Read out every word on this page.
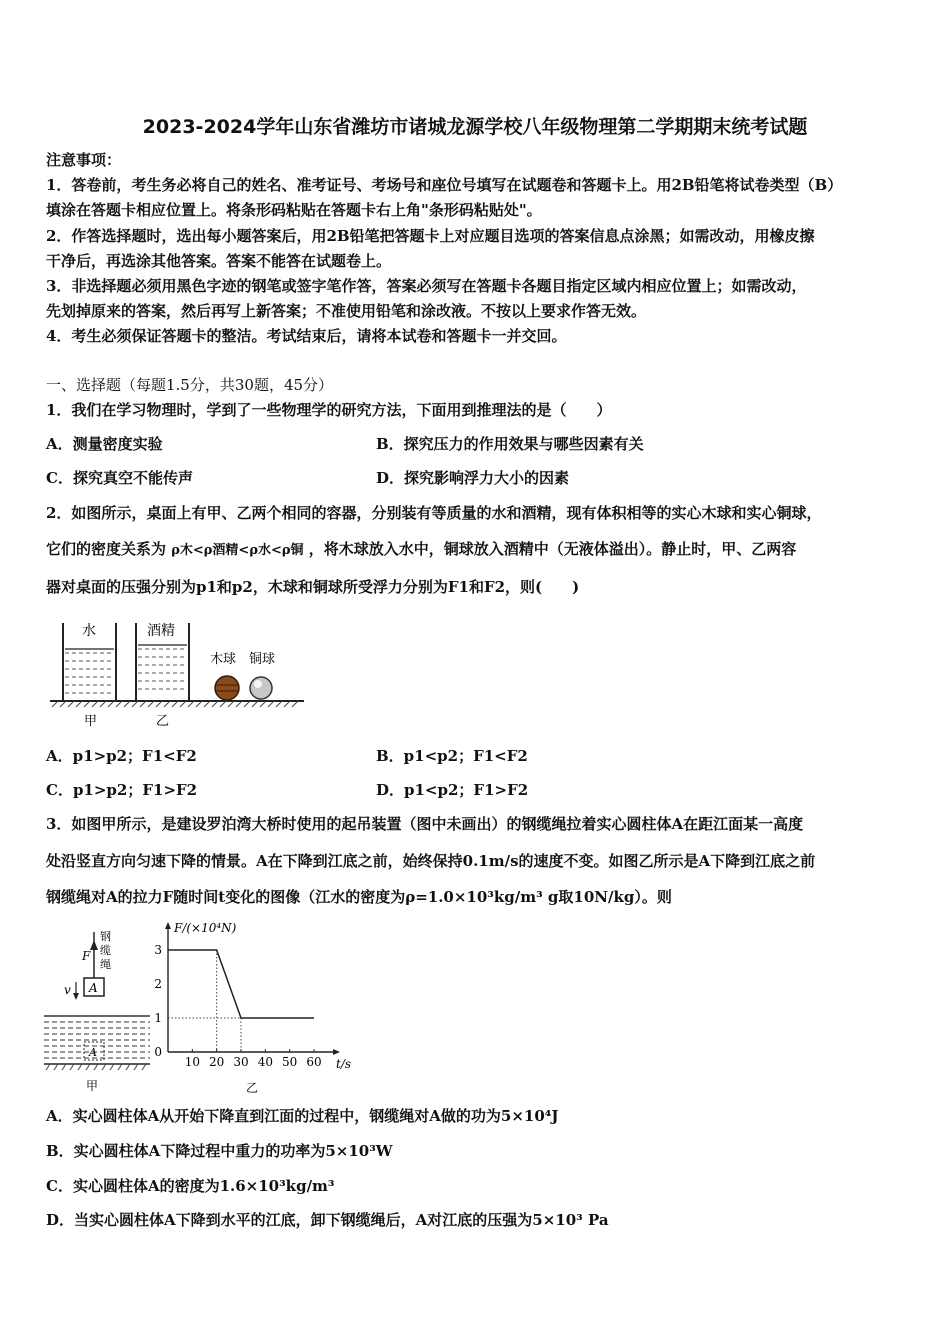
2023-2024学年山东省潍坊市诸城龙源学校八年级物理第二学期期末统考试题
注意事项：
1．答卷前，考生务必将自己的姓名、准考证号、考场号和座位号填写在试题卷和答题卡上。用2B铅笔将试卷类型（B）
填涂在答题卡相应位置上。将条形码粘贴在答题卡右上角"条形码粘贴处"。
2．作答选择题时，选出每小题答案后，用2B铅笔把答题卡上对应题目选项的答案信息点涂黑；如需改动，用橡皮擦
干净后，再选涂其他答案。答案不能答在试题卷上。
3．非选择题必须用黑色字迹的钢笔或签字笔作答，答案必须写在答题卡各题目指定区域内相应位置上；如需改动，
先划掉原来的答案，然后再写上新答案；不准使用铅笔和涂改液。不按以上要求作答无效。
4．考生必须保证答题卡的整洁。考试结束后，请将本试卷和答题卡一并交回。
一、选择题（每题1.5分，共30题，45分）
1．我们在学习物理时，学到了一些物理学的研究方法，下面用到推理法的是（　　）
A．测量密度实验	B．探究压力的作用效果与哪些因素有关
C．探究真空不能传声	D．探究影响浮力大小的因素
2．如图所示，桌面上有甲、乙两个相同的容器，分别装有等质量的水和酒精，现有体积相等的实心木球和实心铜球，
它们的密度关系为 ρ木<ρ酒精<ρ水<ρ铜 ，将木球放入水中，铜球放入酒精中（无液体溢出）。静止时，甲、乙两容
器对桌面的压强分别为p1和p2，木球和铜球所受浮力分别为F1和F2，则(　　)
水	酒精
木球 铜球
甲	乙
A．p1>p2；F1<F2	B．p1<p2；F1<F2
C．p1>p2；F1>F2	D．p1<p2；F1>F2
3．如图甲所示，是建设罗泊湾大桥时使用的起吊装置（图中未画出）的钢缆绳拉着实心圆柱体A在距江面某一高度
处沿竖直方向匀速下降的情景。A在下降到江底之前，始终保持0.1m/s的速度不变。如图乙所示是A下降到江底之前
钢缆绳对A的拉力F随时间t变化的图像（江水的密度为ρ=1.0×10³kg/m³ g取10N/kg）。则
钢
缆
绳
F
A
v
A
甲
10 20 30 40 50 60
0
1
2
3
F/(×10⁴N)
t/s
乙
A．实心圆柱体A从开始下降直到江面的过程中，钢缆绳对A做的功为5×10⁴J
B．实心圆柱体A下降过程中重力的功率为5×10³W
C．实心圆柱体A的密度为1.6×10³kg/m³
D．当实心圆柱体A下降到水平的江底，卸下钢缆绳后，A对江底的压强为5×10³ Pa
